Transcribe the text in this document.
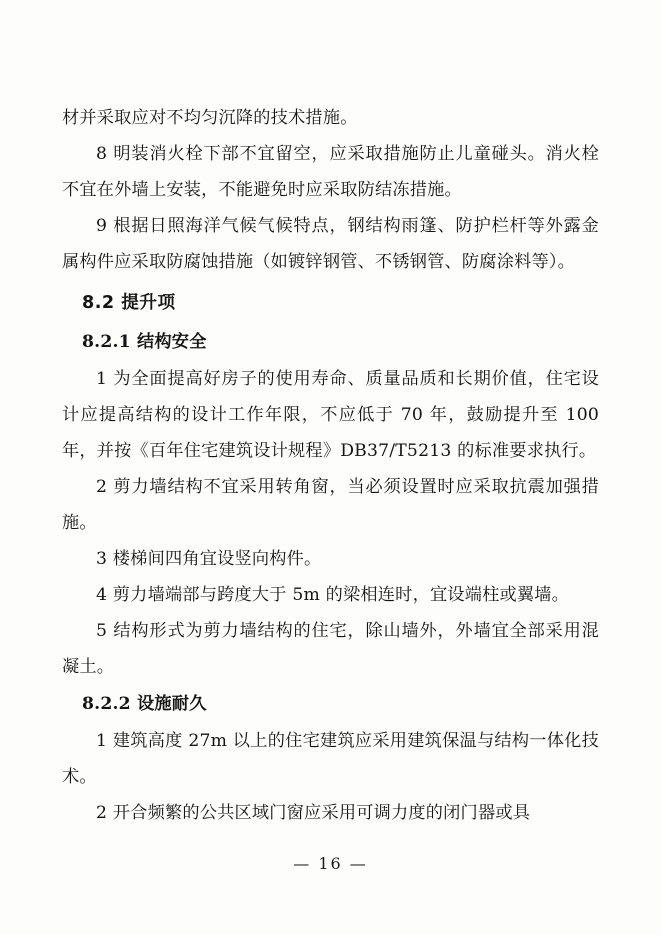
材并采取应对不均匀沉降的技术措施。

8 明装消火栓下部不宜留空，应采取措施防止儿童碰头。消火栓不宜在外墙上安装，不能避免时应采取防结冻措施。

9 根据日照海洋气候气候特点，钢结构雨篷、防护栏杆等外露金属构件应采取防腐蚀措施（如镀锌钢管、不锈钢管、防腐涂料等）。

8.2 提升项
8.2.1 结构安全

1 为全面提高好房子的使用寿命、质量品质和长期价值，住宅设计应提高结构的设计工作年限，不应低于 70 年，鼓励提升至 100 年，并按《百年住宅建筑设计规程》DB37/T5213 的标准要求执行。

2 剪力墙结构不宜采用转角窗，当必须设置时应采取抗震加强措施。

3 楼梯间四角宜设竖向构件。

4 剪力墙端部与跨度大于 5m 的梁相连时，宜设端柱或翼墙。

5 结构形式为剪力墙结构的住宅，除山墙外，外墙宜全部采用混凝土。

8.2.2 设施耐久

1 建筑高度 27m 以上的住宅建筑应采用建筑保温与结构一体化技术。

2 开合频繁的公共区域门窗应采用可调力度的闭门器或具

— 16 —
